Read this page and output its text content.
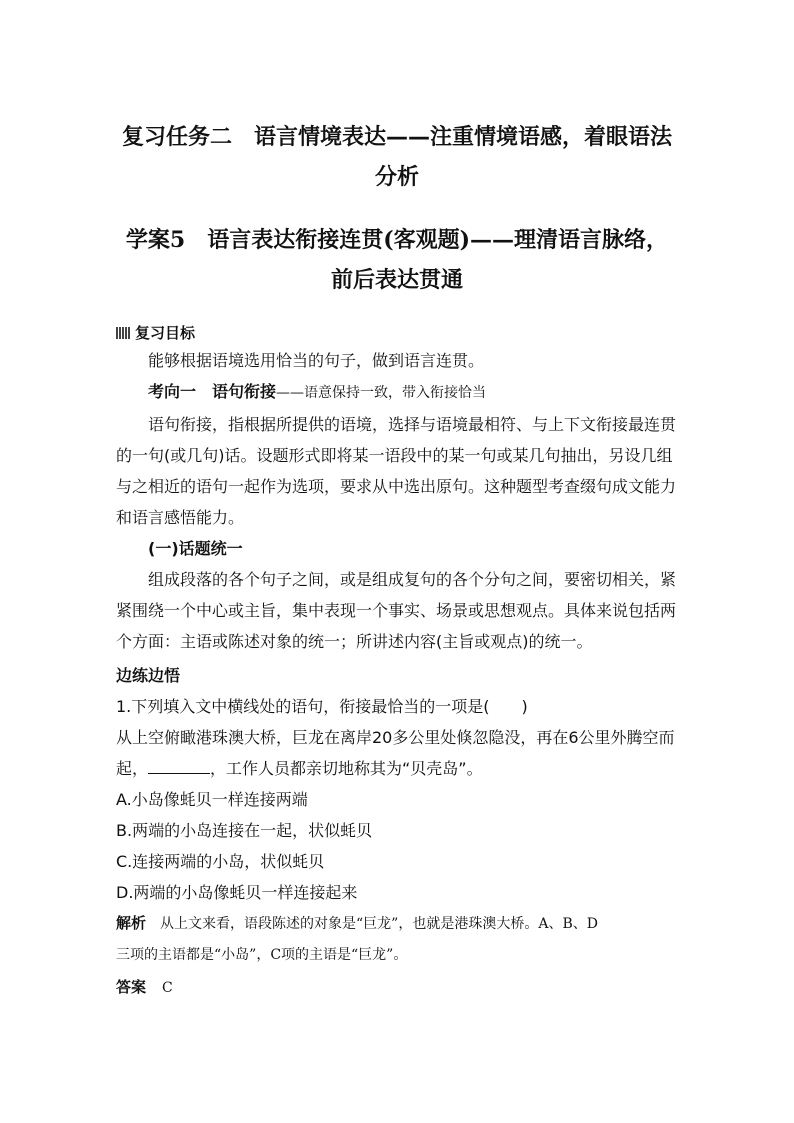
复习任务二　语言情境表达——注重情境语感，着眼语法分析
学案5　语言表达衔接连贯(客观题)——理清语言脉络，前后表达贯通
复习目标

能够根据语境选用恰当的句子，做到语言连贯。

考向一　语句衔接——语意保持一致，带入衔接恰当

语句衔接，指根据所提供的语境，选择与语境最相符、与上下文衔接最连贯的一句(或几句)话。设题形式即将某一语段中的某一句或某几句抽出，另设几组与之相近的语句一起作为选项，要求从中选出原句。这种题型考查缀句成文能力和语言感悟能力。

(一)话题统一

组成段落的各个句子之间，或是组成复句的各个分句之间，要密切相关，紧紧围绕一个中心或主旨，集中表现一个事实、场景或思想观点。具体来说包括两个方面：主语或陈述对象的统一；所讲述内容(主旨或观点)的统一。

边练边悟

1.下列填入文中横线处的语句，衔接最恰当的一项是(　　)

从上空俯瞰港珠澳大桥，巨龙在离岸20多公里处倏忽隐没，再在6公里外腾空而

起，	，工作人员都亲切地称其为“贝壳岛”。

A.小岛像蚝贝一样连接两端

B.两端的小岛连接在一起，状似蚝贝

C.连接两端的小岛，状似蚝贝

D.两端的小岛像蚝贝一样连接起来

解析　 从上文来看，语段陈述的对象是“巨龙”，也就是港珠澳大桥。A、B、D

三项的主语都是“小岛”，C项的主语是“巨龙”。

答案　 C
